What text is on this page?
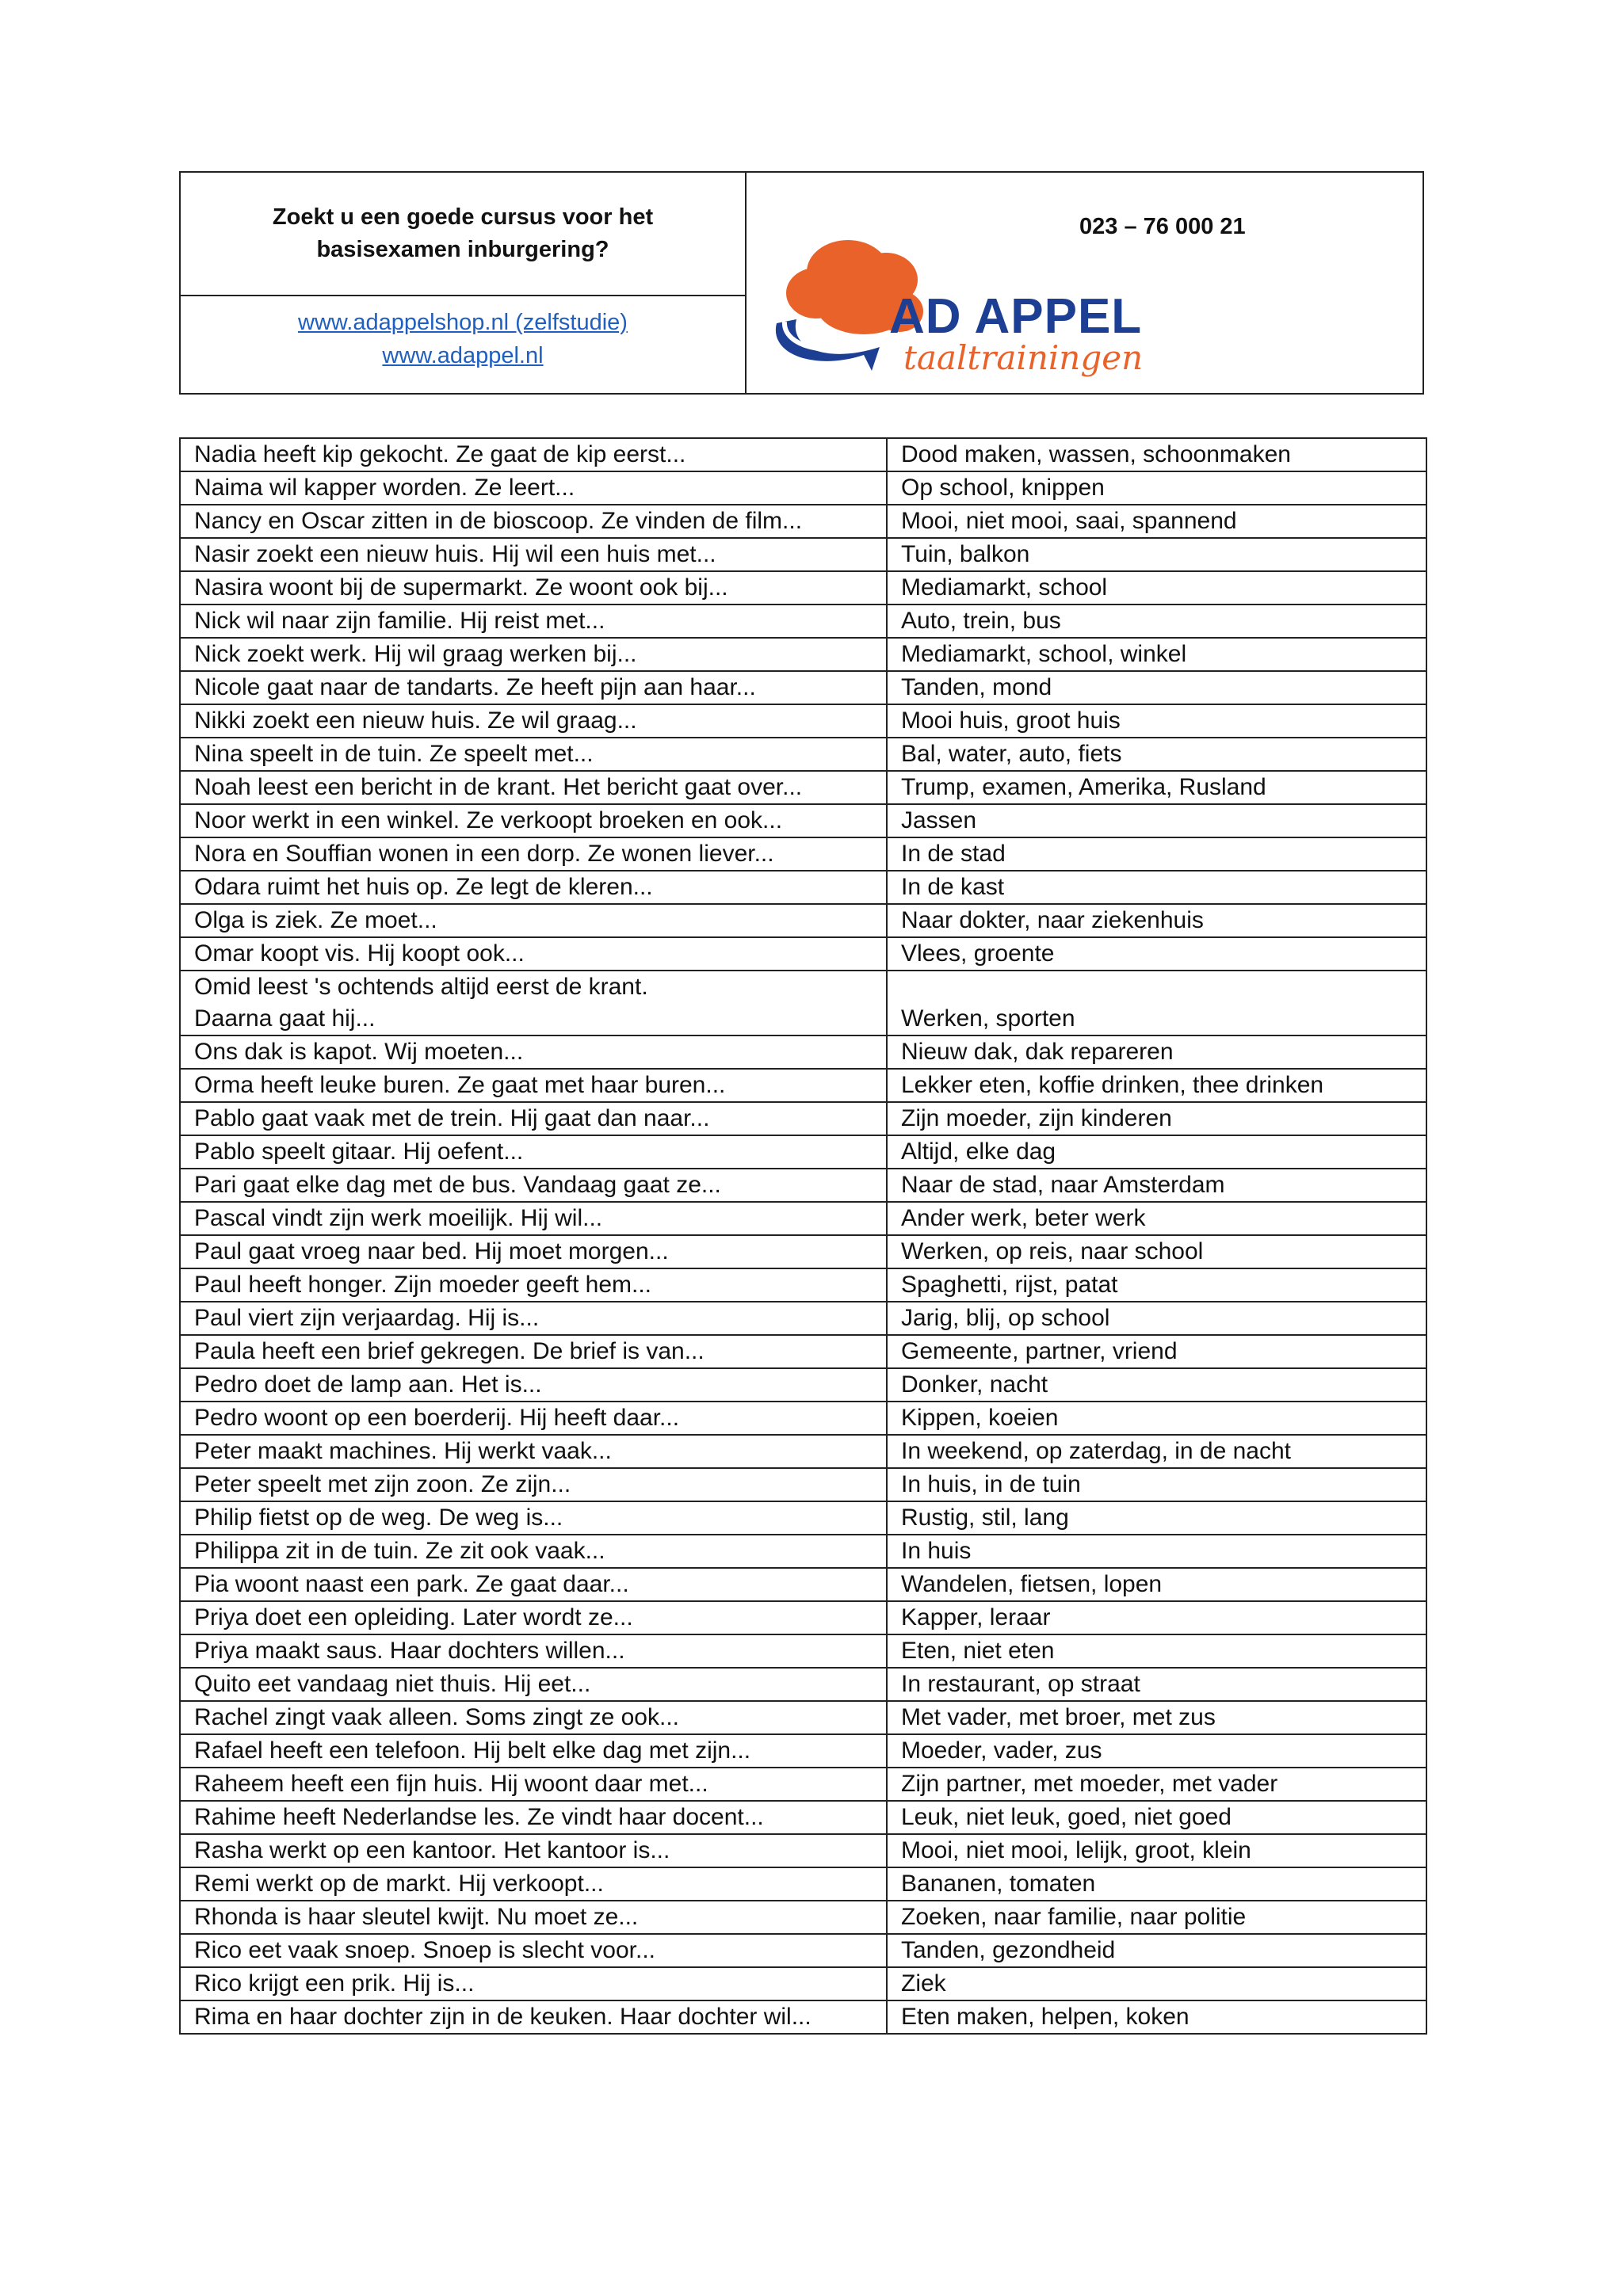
Zoekt u een goede cursus voor het
basisexamen inburgering?
www.adappelshop.nl (zelfstudie)
www.adappel.nl
023 – 76 000 21
AD APPEL
taaltrainingen
Nadia heeft kip gekocht. Ze gaat de kip eerst...	Dood maken, wassen, schoonmaken
Naima wil kapper worden. Ze leert...	Op school, knippen
Nancy en Oscar zitten in de bioscoop. Ze vinden de film...	Mooi, niet mooi, saai, spannend
Nasir zoekt een nieuw huis. Hij wil een huis met...	Tuin, balkon
Nasira woont bij de supermarkt. Ze woont ook bij...	Mediamarkt, school
Nick wil naar zijn familie. Hij reist met...	Auto, trein, bus
Nick zoekt werk. Hij wil graag werken bij...	Mediamarkt, school, winkel
Nicole gaat naar de tandarts. Ze heeft pijn aan haar...	Tanden, mond
Nikki zoekt een nieuw huis. Ze wil graag...	Mooi huis, groot huis
Nina speelt in de tuin. Ze speelt met...	Bal, water, auto, fiets
Noah leest een bericht in de krant. Het bericht gaat over...	Trump, examen, Amerika, Rusland
Noor werkt in een winkel. Ze verkoopt broeken en ook...	Jassen
Nora en Souffian wonen in een dorp. Ze wonen liever...	In de stad
Odara ruimt het huis op. Ze legt de kleren...	In de kast
Olga is ziek. Ze moet...	Naar dokter, naar ziekenhuis
Omar koopt vis. Hij koopt ook...	Vlees, groente
Omid leest 's ochtends altijd eerst de krant.
Daarna gaat hij...	Werken, sporten
Ons dak is kapot. Wij moeten...	Nieuw dak, dak repareren
Orma heeft leuke buren. Ze gaat met haar buren...	Lekker eten, koffie drinken, thee drinken
Pablo gaat vaak met de trein. Hij gaat dan naar...	Zijn moeder, zijn kinderen
Pablo speelt gitaar. Hij oefent...	Altijd, elke dag
Pari gaat elke dag met de bus. Vandaag gaat ze...	Naar de stad, naar Amsterdam
Pascal vindt zijn werk moeilijk. Hij wil...	Ander werk, beter werk
Paul gaat vroeg naar bed. Hij moet morgen...	Werken, op reis, naar school
Paul heeft honger. Zijn moeder geeft hem...	Spaghetti, rijst, patat
Paul viert zijn verjaardag. Hij is...	Jarig, blij, op school
Paula heeft een brief gekregen. De brief is van...	Gemeente, partner, vriend
Pedro doet de lamp aan. Het is...	Donker, nacht
Pedro woont op een boerderij. Hij heeft daar...	Kippen, koeien
Peter maakt machines. Hij werkt vaak...	In weekend, op zaterdag, in de nacht
Peter speelt met zijn zoon. Ze zijn...	In huis, in de tuin
Philip fietst op de weg. De weg is...	Rustig, stil, lang
Philippa zit in de tuin. Ze zit ook vaak...	In huis
Pia woont naast een park. Ze gaat daar...	Wandelen, fietsen, lopen
Priya doet een opleiding. Later wordt ze...	Kapper, leraar
Priya maakt saus. Haar dochters willen...	Eten, niet eten
Quito eet vandaag niet thuis. Hij eet...	In restaurant, op straat
Rachel zingt vaak alleen. Soms zingt ze ook...	Met vader, met broer, met zus
Rafael heeft een telefoon. Hij belt elke dag met zijn...	Moeder, vader, zus
Raheem heeft een fijn huis. Hij woont daar met...	Zijn partner, met moeder, met vader
Rahime heeft Nederlandse les. Ze vindt haar docent...	Leuk, niet leuk, goed, niet goed
Rasha werkt op een kantoor. Het kantoor is...	Mooi, niet mooi, lelijk, groot, klein
Remi werkt op de markt. Hij verkoopt...	Bananen, tomaten
Rhonda is haar sleutel kwijt. Nu moet ze...	Zoeken, naar familie, naar politie
Rico eet vaak snoep. Snoep is slecht voor...	Tanden, gezondheid
Rico krijgt een prik. Hij is...	Ziek
Rima en haar dochter zijn in de keuken. Haar dochter wil...	Eten maken, helpen, koken
